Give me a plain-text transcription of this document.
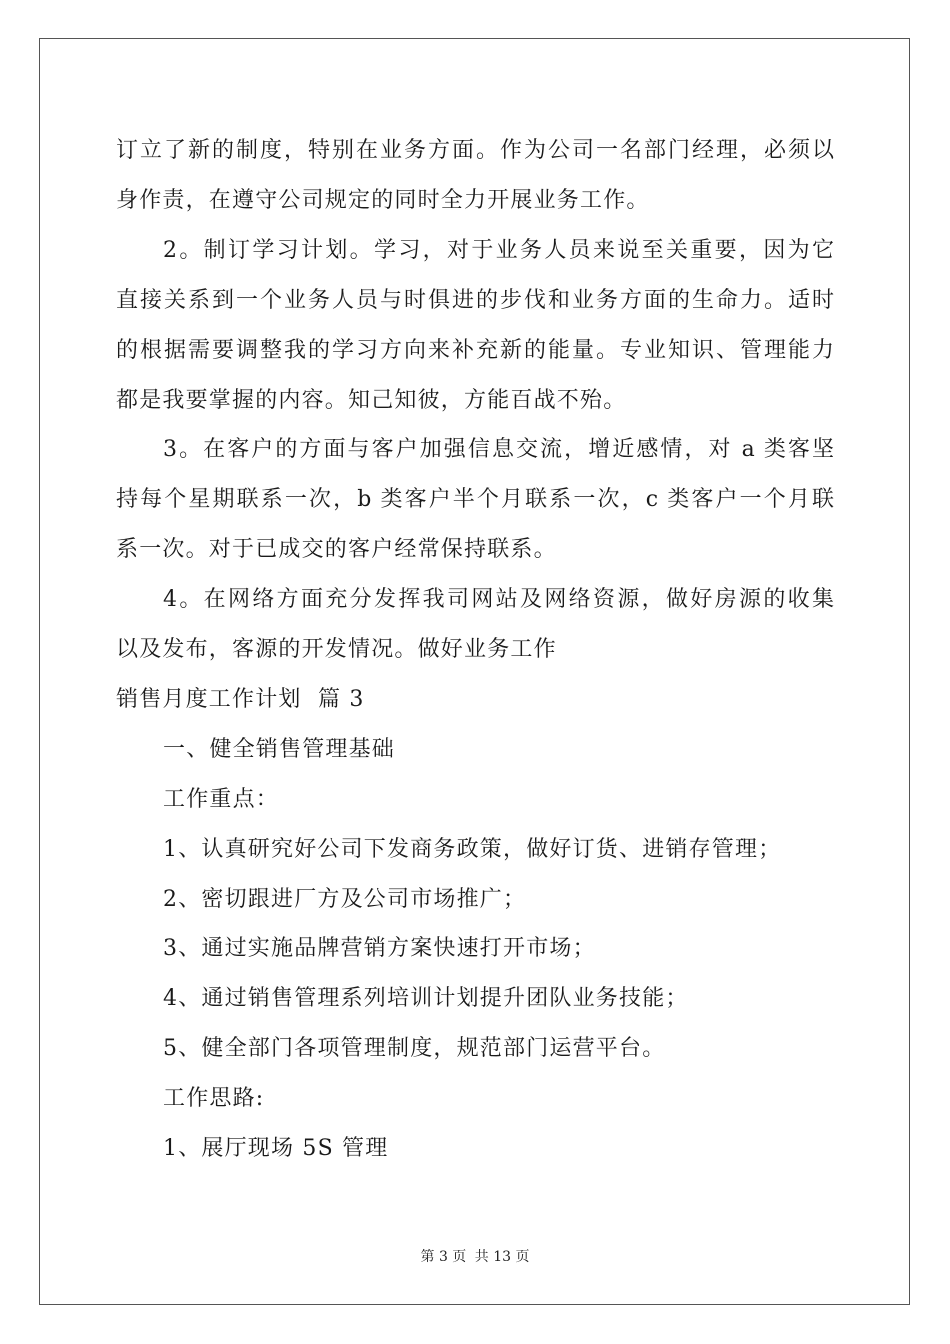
订立了新的制度，特别在业务方面。作为公司一名部门经理，必须以
身作责，在遵守公司规定的同时全力开展业务工作。
2。制订学习计划。学习，对于业务人员来说至关重要，因为它
直接关系到一个业务人员与时俱进的步伐和业务方面的生命力。适时
的根据需要调整我的学习方向来补充新的能量。专业知识、管理能力
都是我要掌握的内容。知己知彼，方能百战不殆。
3。在客户的方面与客户加强信息交流，增近感情，对 a 类客坚
持每个星期联系一次，b 类客户半个月联系一次，c 类客户一个月联
系一次。对于已成交的客户经常保持联系。
4。在网络方面充分发挥我司网站及网络资源，做好房源的收集
以及发布，客源的开发情况。做好业务工作
销售月度工作计划  篇 3
一、健全销售管理基础
工作重点：
1、认真研究好公司下发商务政策，做好订货、进销存管理；
2、密切跟进厂方及公司市场推广；
3、通过实施品牌营销方案快速打开市场；
4、通过销售管理系列培训计划提升团队业务技能；
5、健全部门各项管理制度，规范部门运营平台。
工作思路:
1、展厅现场 5S 管理
第 3 页 共 13 页
